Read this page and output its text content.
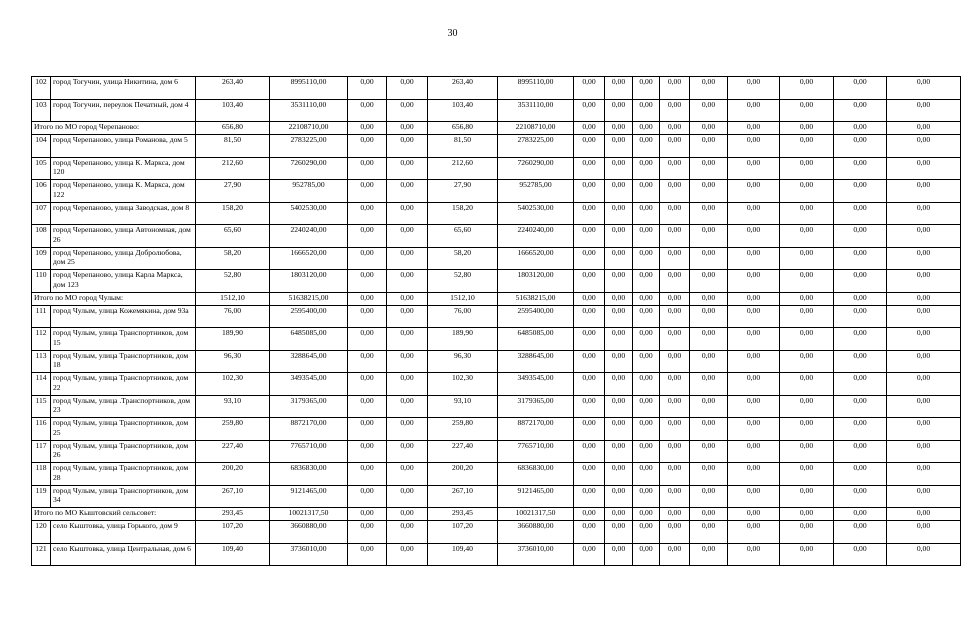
30
102	город Тогучин, улица Никитина, дом 6	263,40	8995110,00	0,00	0,00	263,40	8995110,00	0,00	0,00	0,00	0,00	0,00	0,00	0,00	0,00	0,00	
103	город Тогучин, переулок Печатный, дом 4	103,40	3531110,00	0,00	0,00	103,40	3531110,00	0,00	0,00	0,00	0,00	0,00	0,00	0,00	0,00	0,00	
Итого по МО город Черепаново:		656,80	22108710,00	0,00	0,00	656,80	22108710,00	0,00	0,00	0,00	0,00	0,00	0,00	0,00	0,00	0,00	
104	город Черепаново, улица Романова, дом 5	81,50	2783225,00	0,00	0,00	81,50	2783225,00	0,00	0,00	0,00	0,00	0,00	0,00	0,00	0,00	0,00	
105	город Черепаново, улица К. Маркса, дом 120	212,60	7260290,00	0,00	0,00	212,60	7260290,00	0,00	0,00	0,00	0,00	0,00	0,00	0,00	0,00	0,00	
106	город Черепаново, улица К. Маркса, дом 122	27,90	952785,00	0,00	0,00	27,90	952785,00	0,00	0,00	0,00	0,00	0,00	0,00	0,00	0,00	0,00	
107	город Черепаново, улица Заводская, дом 8	158,20	5402530,00	0,00	0,00	158,20	5402530,00	0,00	0,00	0,00	0,00	0,00	0,00	0,00	0,00	0,00	
108	город Черепаново, улица Автономная, дом 26	65,60	2240240,00	0,00	0,00	65,60	2240240,00	0,00	0,00	0,00	0,00	0,00	0,00	0,00	0,00	0,00	
109	город Черепаново, улица Добролюбова, дом 25	58,20	1666520,00	0,00	0,00	58,20	1666520,00	0,00	0,00	0,00	0,00	0,00	0,00	0,00	0,00	0,00	
110	город Черепаново, улица Карла Маркса, дом 123	52,80	1803120,00	0,00	0,00	52,80	1803120,00	0,00	0,00	0,00	0,00	0,00	0,00	0,00	0,00	0,00	
Итого по МО город Чулым:		1512,10	51638215,00	0,00	0,00	1512,10	51638215,00	0,00	0,00	0,00	0,00	0,00	0,00	0,00	0,00	0,00	
111	город Чулым, улица Кожемякина, дом 93а	76,00	2595400,00	0,00	0,00	76,00	2595400,00	0,00	0,00	0,00	0,00	0,00	0,00	0,00	0,00	0,00	
112	город Чулым, улица Транспортников, дом 15	189,90	6485085,00	0,00	0,00	189,90	6485085,00	0,00	0,00	0,00	0,00	0,00	0,00	0,00	0,00	0,00	
113	город Чулым, улица Транспортников, дом 18	96,30	3288645,00	0,00	0,00	96,30	3288645,00	0,00	0,00	0,00	0,00	0,00	0,00	0,00	0,00	0,00	
114	город Чулым, улица Транспортников, дом 22	102,30	3493545,00	0,00	0,00	102,30	3493545,00	0,00	0,00	0,00	0,00	0,00	0,00	0,00	0,00	0,00	
115	город Чулым, улица .Транспортников, дом 23	93,10	3179365,00	0,00	0,00	93,10	3179365,00	0,00	0,00	0,00	0,00	0,00	0,00	0,00	0,00	0,00	
116	город Чулым, улица Транспортников, дом 25	259,80	8872170,00	0,00	0,00	259,80	8872170,00	0,00	0,00	0,00	0,00	0,00	0,00	0,00	0,00	0,00	
117	город Чулым, улица Транспортников, дом 26	227,40	7765710,00	0,00	0,00	227,40	7765710,00	0,00	0,00	0,00	0,00	0,00	0,00	0,00	0,00	0,00	
118	город Чулым, улица Транспортников, дом 28	200,20	6836830,00	0,00	0,00	200,20	6836830,00	0,00	0,00	0,00	0,00	0,00	0,00	0,00	0,00	0,00	
119	город Чулым, улица Транспортников, дом 34	267,10	9121465,00	0,00	0,00	267,10	9121465,00	0,00	0,00	0,00	0,00	0,00	0,00	0,00	0,00	0,00	
Итого по МО Кыштовский сельсовет:		293,45	10021317,50	0,00	0,00	293,45	10021317,50	0,00	0,00	0,00	0,00	0,00	0,00	0,00	0,00	0,00	
120	село Кыштовка, улица Горького, дом 9	107,20	3660880,00	0,00	0,00	107,20	3660880,00	0,00	0,00	0,00	0,00	0,00	0,00	0,00	0,00	0,00	
121	село Кыштовка, улица Центральная, дом 6	109,40	3736010,00	0,00	0,00	109,40	3736010,00	0,00	0,00	0,00	0,00	0,00	0,00	0,00	0,00	0,00	
